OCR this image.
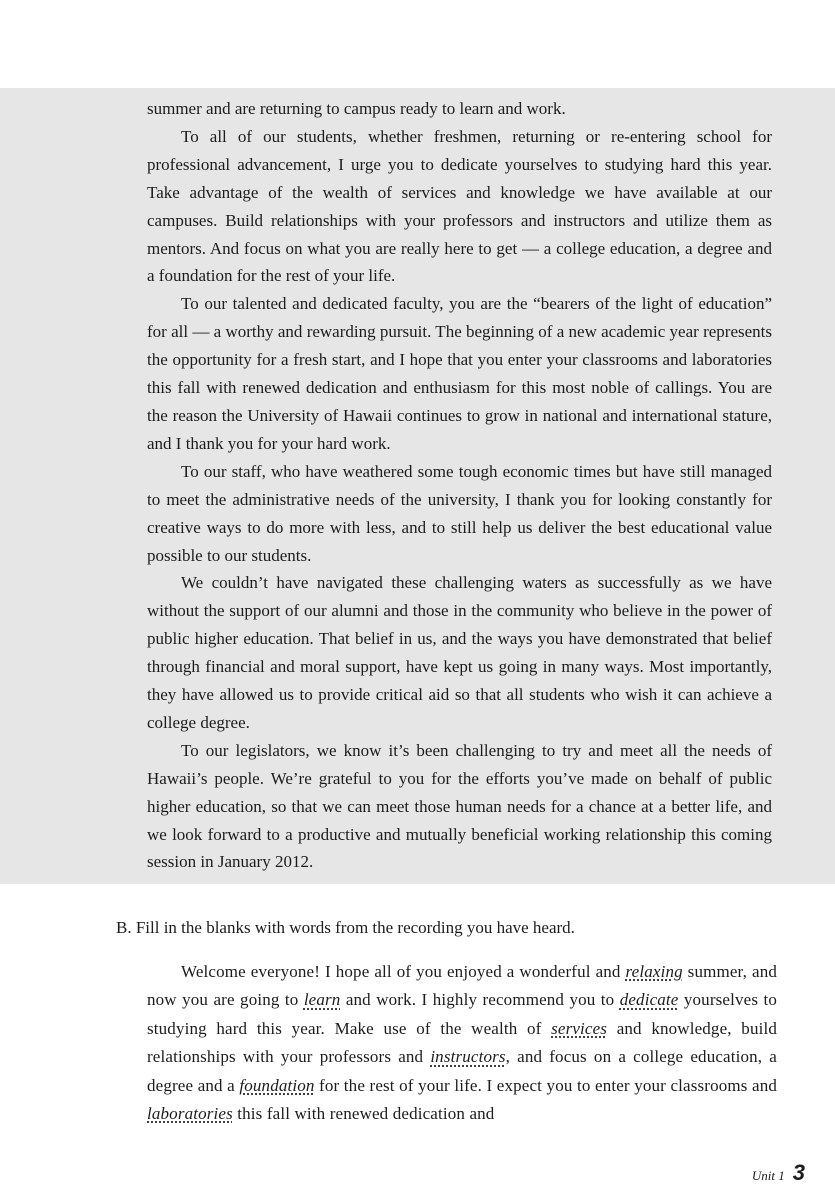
summer and are returning to campus ready to learn and work.

To all of our students, whether freshmen, returning or re-entering school for professional advancement, I urge you to dedicate yourselves to studying hard this year. Take advantage of the wealth of services and knowledge we have available at our campuses. Build relationships with your professors and instructors and utilize them as mentors. And focus on what you are really here to get — a college education, a degree and a foundation for the rest of your life.

To our talented and dedicated faculty, you are the “bearers of the light of education” for all — a worthy and rewarding pursuit. The beginning of a new academic year represents the opportunity for a fresh start, and I hope that you enter your classrooms and laboratories this fall with renewed dedication and enthusiasm for this most noble of callings. You are the reason the University of Hawaii continues to grow in national and international stature, and I thank you for your hard work.

To our staff, who have weathered some tough economic times but have still managed to meet the administrative needs of the university, I thank you for looking constantly for creative ways to do more with less, and to still help us deliver the best educational value possible to our students.

We couldn’t have navigated these challenging waters as successfully as we have without the support of our alumni and those in the community who believe in the power of public higher education. That belief in us, and the ways you have demonstrated that belief through financial and moral support, have kept us going in many ways. Most importantly, they have allowed us to provide critical aid so that all students who wish it can achieve a college degree.

To our legislators, we know it’s been challenging to try and meet all the needs of Hawaii’s people. We’re grateful to you for the efforts you’ve made on behalf of public higher education, so that we can meet those human needs for a chance at a better life, and we look forward to a productive and mutually beneficial working relationship this coming session in January 2012.

B. Fill in the blanks with words from the recording you have heard.

Welcome everyone! I hope all of you enjoyed a wonderful and relaxing summer, and now you are going to learn and work. I highly recommend you to dedicate yourselves to studying hard this year. Make use of the wealth of services and knowledge, build relationships with your professors and instructors, and focus on a college education, a degree and a foundation for the rest of your life. I expect you to enter your classrooms and laboratories this fall with renewed dedication and

Unit 1 3
